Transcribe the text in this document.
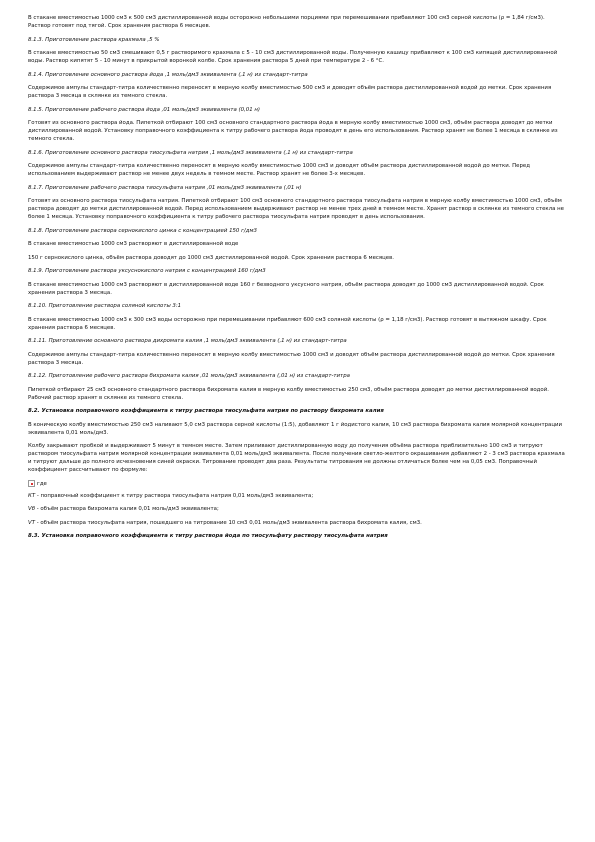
В стакане вместимостью 1000 см3 к 500 см3 дистиллированной воды осторожно небольшими порциями при перемешивании прибавляют 100 см3 серной кислоты (ρ = 1,84 г/см3). Раствор готовят под тягой. Срок хранения раствора 6 месяцев.

8.1.3. Приготовление раствора крахмала ,5 %

В стакане вместимостью 50 см3 смешивают 0,5 г растворимого крахмала с 5 - 10 см3 дистиллированной воды. Полученную кашицу прибавляют к 100 см3 кипящей дистиллированной воды. Раствор кипятят 5 - 10 минут в прикрытой воронкой колбе. Срок хранения раствора 5 дней при температуре 2 - 6 °С.

8.1.4. Приготовление основного раствора йода ,1 моль/дм3 эквивалента (,1 н) из стандарт-титра

Содержимое ампулы стандарт-титра количественно переносят в мерную колбу вместимостью 500 см3 и доводят объём раствора дистиллированной водой до метки. Срок хранения раствора 3 месяца в склянке из темного стекла.

8.1.5. Приготовление рабочего раствора йода ,01 моль/дм3 эквивалента (0,01 н)

Готовят из основного раствора йода. Пипеткой отбирают 100 см3 основного стандартного раствора йода в мерную колбу вместимостью 1000 см3, объём раствора доводят до метки дистиллированной водой. Установку поправочного коэффициента к титру рабочего раствора йода проводят в день его использования. Раствор хранят не более 1 месяца в склянке из темного стекла.

8.1.6. Приготовление основного раствора тиосульфата натрия ,1 моль/дм3 эквивалента (,1 н) из стандарт-титра

Содержимое ампулы стандарт-титра количественно переносят в мерную колбу вместимостью 1000 см3 и доводят объём раствора дистиллированной водой до метки. Перед использованием выдерживают раствор не менее двух недель в темном месте. Раствор хранят не более 3-х месяцев.

8.1.7. Приготовление рабочего раствора тиосульфата натрия ,01 моль/дм3 эквивалента (,01 н)

Готовят из основного раствора тиосульфата натрия. Пипеткой отбирают 100 см3 основного стандартного раствора тиосульфата натрия в мерную колбу вместимостью 1000 см3, объём раствора доводят до метки дистиллированной водой. Перед использованием выдерживают раствор не менее трех дней в темном месте. Хранят раствор в склянке из темного стекла не более 1 месяца. Установку поправочного коэффициента к титру рабочего раствора тиосульфата натрия проводят в день использования.

8.1.8. Приготовление раствора сернокислого цинка с концентрацией 150 г/дм3

В стакане вместимостью 1000 см3 растворяют в дистиллированной воде

150 г сернокислого цинка, объём раствора доводят до 1000 см3 дистиллированной водой. Срок хранения раствора 6 месяцев.

8.1.9. Приготовление раствора уксуснокислого натрия с концентрацией 160 г/дм3

В стакане вместимостью 1000 см3 растворяют в дистиллированной воде 160 г безводного уксусного натрия, объём раствора доводят до 1000 см3 дистиллированной водой. Срок хранения раствора 3 месяца.

8.1.10. Приготовление раствора соляной кислоты 3:1

В стакане вместимостью 1000 см3 к 300 см3 воды осторожно при перемешивании прибавляют 600 см3 соляной кислоты (ρ = 1,18 г/см3). Раствор готовят в вытяжном шкафу. Срок хранения раствора 6 месяцев.

8.1.11. Приготовление основного раствора дихромата калия ,1 моль/дм3 эквивалента (,1 н) из стандарт-титра

Содержимое ампулы стандарт-титра количественно переносят в мерную колбу вместимостью 1000 см3 и доводят объём раствора дистиллированной водой до метки. Срок хранения раствора 3 месяца.

8.1.12. Приготовление рабочего раствора бихромата калия ,01 моль/дм3 эквивалента (,01 н) из стандарт-титра

Пипеткой отбирают 25 см3 основного стандартного раствора бихромата калия в мерную колбу вместимостью 250 см3, объём раствора доводят до метки дистиллированной водой. Рабочий раствор хранят в склянке из темного стекла.

8.2. Установка поправочного коэффициента к титру раствора тиосульфата натрия по раствору бихромата калия

В коническую колбу вместимостью 250 см3 наливают 5,0 см3 раствора серной кислоты (1:5), добавляют 1 г йодистого калия, 10 см3 раствора бихромата калия молярной концентрации эквивалента 0,01 моль/дм3.

Колбу закрывают пробкой и выдерживают 5 минут в темном месте. Затем приливают дистиллированную воду до получения объёма раствора приблизительно 100 см3 и титруют раствором тиосульфата натрия молярной концентрации эквивалента 0,01 моль/дм3 эквивалента. После получения светло-желтого окрашивания добавляют 2 - 3 см3 раствора крахмала и титруют дальше до полного исчезновения синей окраски. Титрование проводят два раза. Результаты титрования не должны отличаться более чем на 0,05 см3. Поправочный коэффициент рассчитывают по формуле:

где

КТ - поправочный коэффициент к титру раствора тиосульфата натрия 0,01 моль/дм3 эквивалента;

Vб - объём раствора бихромата калия 0,01 моль/дм3 эквивалента;

VТ - объём раствора тиосульфата натрия, пошедшего на титрование 10 см3 0,01 моль/дм3 эквивалента раствора бихромата калия, см3.

8.3. Установка поправочного коэффициента к титру раствора йода по тиосульфату раствору тиосульфата натрия
